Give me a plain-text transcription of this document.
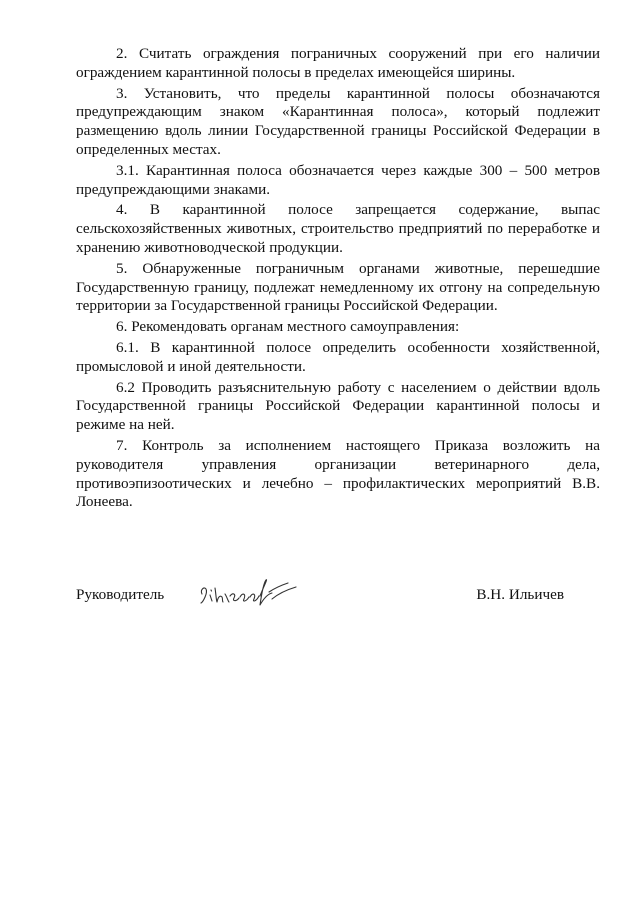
2. Считать ограждения пограничных сооружений при его наличии ограждением карантинной полосы в пределах имеющейся ширины.

3. Установить, что пределы карантинной полосы обозначаются предупреждающим знаком «Карантинная полоса», который подлежит размещению вдоль линии Государственной границы Российской Федерации в определенных местах.

3.1. Карантинная полоса обозначается через каждые 300 – 500 метров предупреждающими знаками.

4. В карантинной полосе запрещается содержание, выпас сельскохозяйственных животных, строительство предприятий по переработке и хранению животноводческой продукции.

5. Обнаруженные пограничным органами животные, перешедшие Государственную границу, подлежат немедленному их отгону на сопредельную территории за Государственной границы Российской Федерации.

6. Рекомендовать органам местного самоуправления:

6.1. В карантинной полосе определить особенности хозяйственной, промысловой и иной деятельности.

6.2 Проводить разъяснительную работу с населением о действии вдоль Государственной границы Российской Федерации карантинной полосы и режиме на ней.

7. Контроль за исполнением настоящего Приказа возложить на руководителя управления организации ветеринарного дела, противоэпизоотических и лечебно – профилактических мероприятий В.В. Лонеева.

Руководитель	В.Н. Ильичев
